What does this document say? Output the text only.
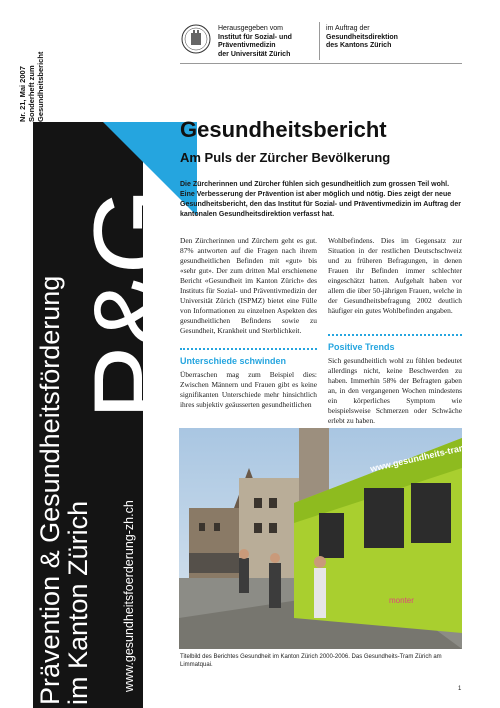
Nr. 21, Mai 2007 Sonderheft zum Gesundheitsbericht
Prävention & Gesundheitsförderung
im Kanton Zürich
P&G
www.gesundheitsfoerderung-zh.ch
Herausgegeben vom
Institut für Sozial- und
Präventivmedizin
der Universität Zürich
im Auftrag der
Gesundheitsdirektion
des Kantons Zürich
Gesundheitsbericht
Am Puls der Zürcher Bevölkerung
Die Zürcherinnen und Zürcher fühlen sich gesundheitlich zum grossen Teil wohl. Eine Verbesserung der Prävention ist aber möglich und nötig. Dies zeigt der neue Gesundheitsbericht, den das Institut für Sozial- und Präventivmedizin im Auftrag der kantonalen Gesundheitsdirektion verfasst hat.
Den Zürcherinnen und Zürchern geht es gut. 87% antworten auf die Fragen nach ihrem gesundheitlichen Befinden mit «gut» bis «sehr gut». Der zum dritten Mal erschienene Bericht «Gesundheit im Kanton Zürich» des Instituts für Sozial- und Präventivmedizin der Universität Zürich (ISPMZ) bietet eine Fülle von Informationen zu einzelnen Aspekten des gesundheitlichen Befindens sowie zu Gesundheit, Krankheit und Sterblichkeit.
Unterschiede schwinden
Überraschen mag zum Beispiel dies: Zwischen Männern und Frauen gibt es keine signifikanten Unterschiede mehr hinsichtlich ihres subjektiv geäusserten gesundheitlichen
Wohlbefindens. Dies im Gegensatz zur Situation in der restlichen Deutschschweiz und zu früheren Befragungen, in denen Frauen ihr Befinden immer schlechter eingeschätzt hatten. Aufgehalt haben vor allem die über 50-jährigen Frauen, welche in der Gesundheitsbefragung 2002 deutlich häufiger ein gutes Wohlbefinden angaben.
Positive Trends
Sich gesundheitlich wohl zu fühlen bedeutet allerdings nicht, keine Beschwerden zu haben. Immerhin 58% der Befragten gaben an, in den vergangenen Wochen mindestens ein körperliches Symptom wie beispielsweise Schmerzen oder Schwäche erlebt zu haben.
www.gesundheits-tram.ch
monter
Titelbild des Berichtes Gesundheit im Kanton Zürich 2000-2006. Das Gesundheits-Tram Zürich am Limmatquai.
1
